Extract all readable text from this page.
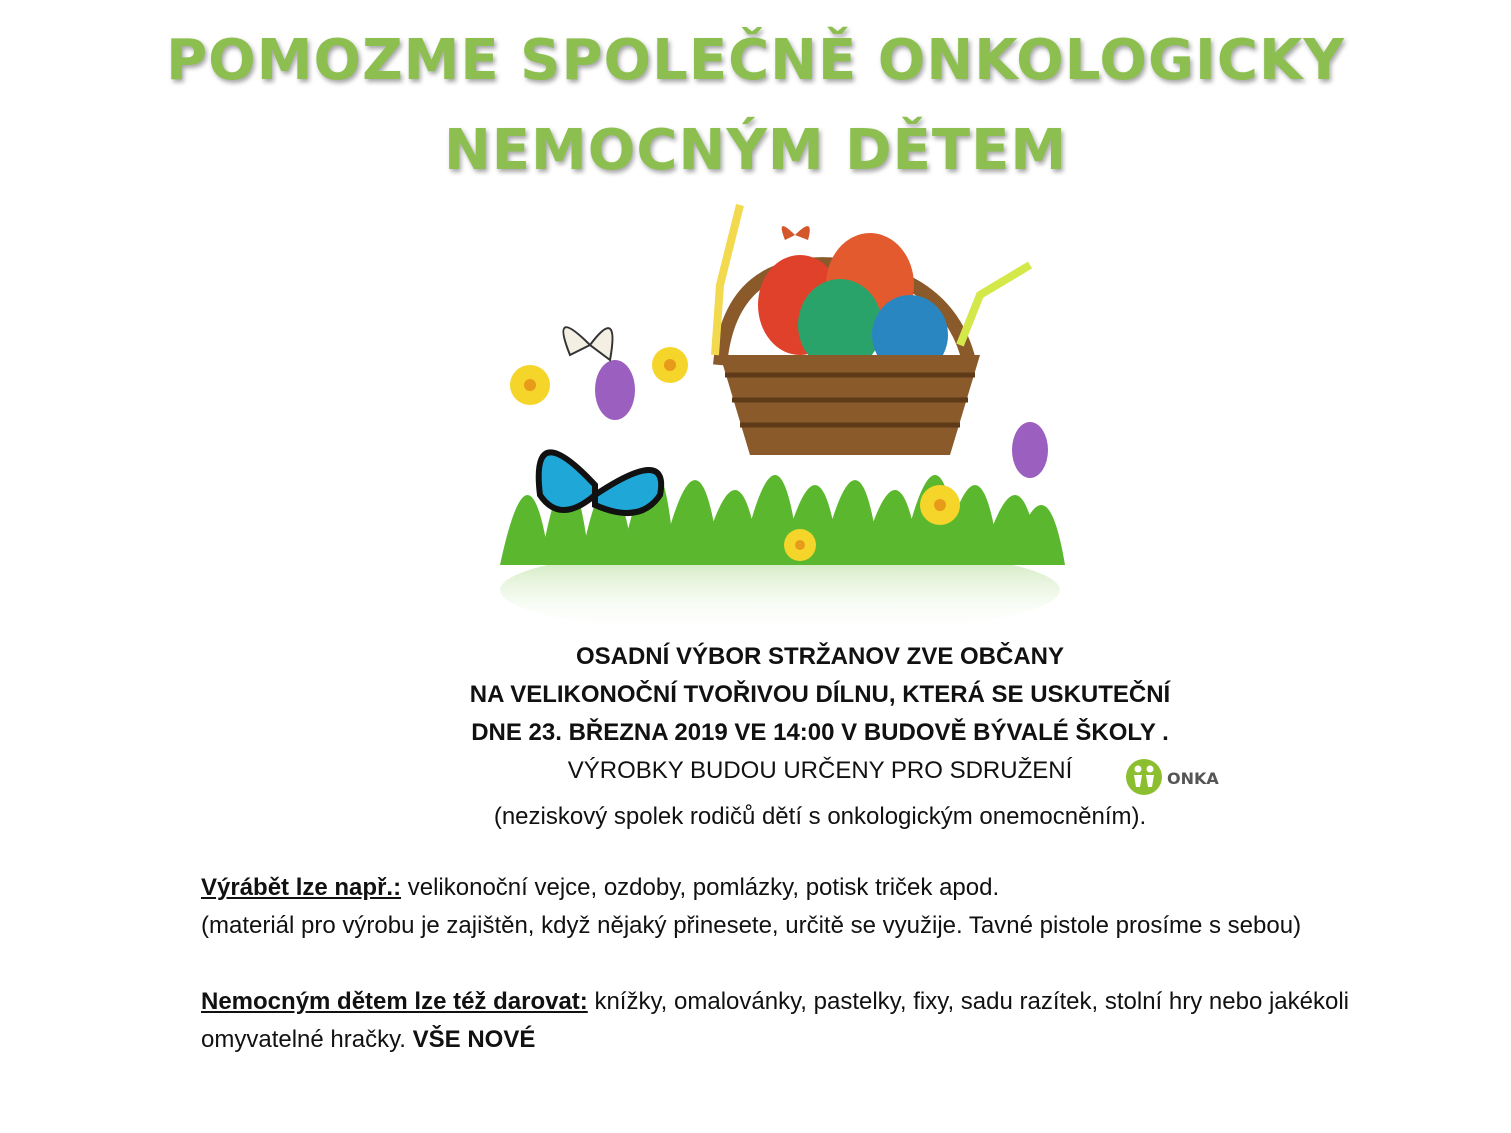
POMOZME SPOLEČNĚ ONKOLOGICKY
NEMOCNÝM DĚTEM

OSADNÍ VÝBOR STRŽANOV ZVE OBČANY

NA VELIKONOČNÍ TVOŘIVOU DÍLNU, KTERÁ SE USKUTEČNÍ

DNE 23. BŘEZNA 2019 VE 14:00 V BUDOVĚ BÝVALÉ ŠKOLY .

VÝROBKY BUDOU URČENY PRO SDRUŽENÍ

(neziskový spolek rodičů dětí s onkologickým onemocněním).

ONKA

Výrábět lze např.: velikonoční vejce, ozdoby, pomlázky, potisk triček apod.

(materiál pro výrobu je zajištěn, když nějaký přinesete, určitě se využije. Tavné pistole prosíme s sebou)

Nemocným dětem lze též darovat: knížky, omalovánky, pastelky, fixy, sadu razítek, stolní hry nebo jakékoli omyvatelné hračky. VŠE NOVÉ
